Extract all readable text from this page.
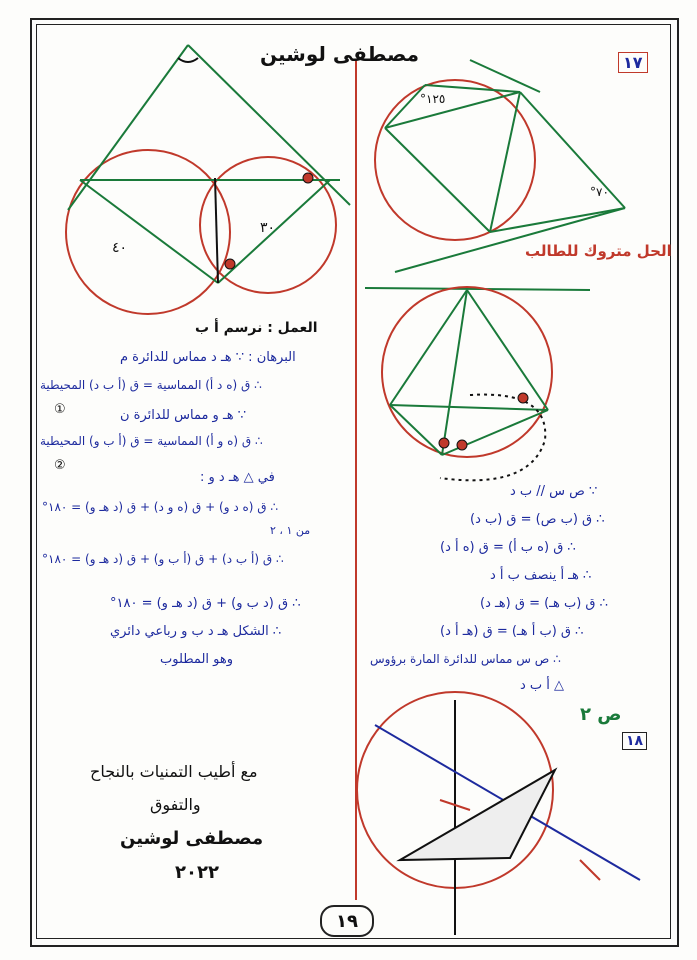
مصطفى لوشين	١٧
١٢٥°
٧٠°
الحل متروك للطالب
٤٠
٣٠
العمل : نرسم أ ب
البرهان : ∵ هـ د مماس للدائرة م
∴ ق (ه د أ) المماسية = ق (أ ب د) المحيطية
①	∵ هـ و مماس للدائرة ن
∴ ق (ه و أ) المماسية = ق (أ ب و) المحيطية
②
في △ هـ د و :
∴ ق (ه د و) + ق (ه و د) + ق (د هـ و) = ١٨٠°
من ١ ، ٢
∴ ق (أ ب د) + ق (أ ب و) + ق (د هـ و) = ١٨٠°
∴ ق (د ب و) + ق (د هـ و) = ١٨٠°
∴ الشكل هـ د ب و رباعي دائري
وهو المطلوب
∵ ص س // ب د
∴ ق (ب ص) = ق (ب د)
∴ ق (ه ب أ) = ق (ه أ د)
∴ هـ أ ينصف ب أ د
∴ ق (ب هـ) = ق (هـ د)
∴ ق (ب أ هـ) = ق (هـ أ د)
∴ ص س مماس للدائرة المارة برؤوس
△ أ ب د
ص ٢
١٨
مع أطيب التمنيات بالنجاح
والتفوق
مصطفى لوشين
٢٠٢٢
١٩
